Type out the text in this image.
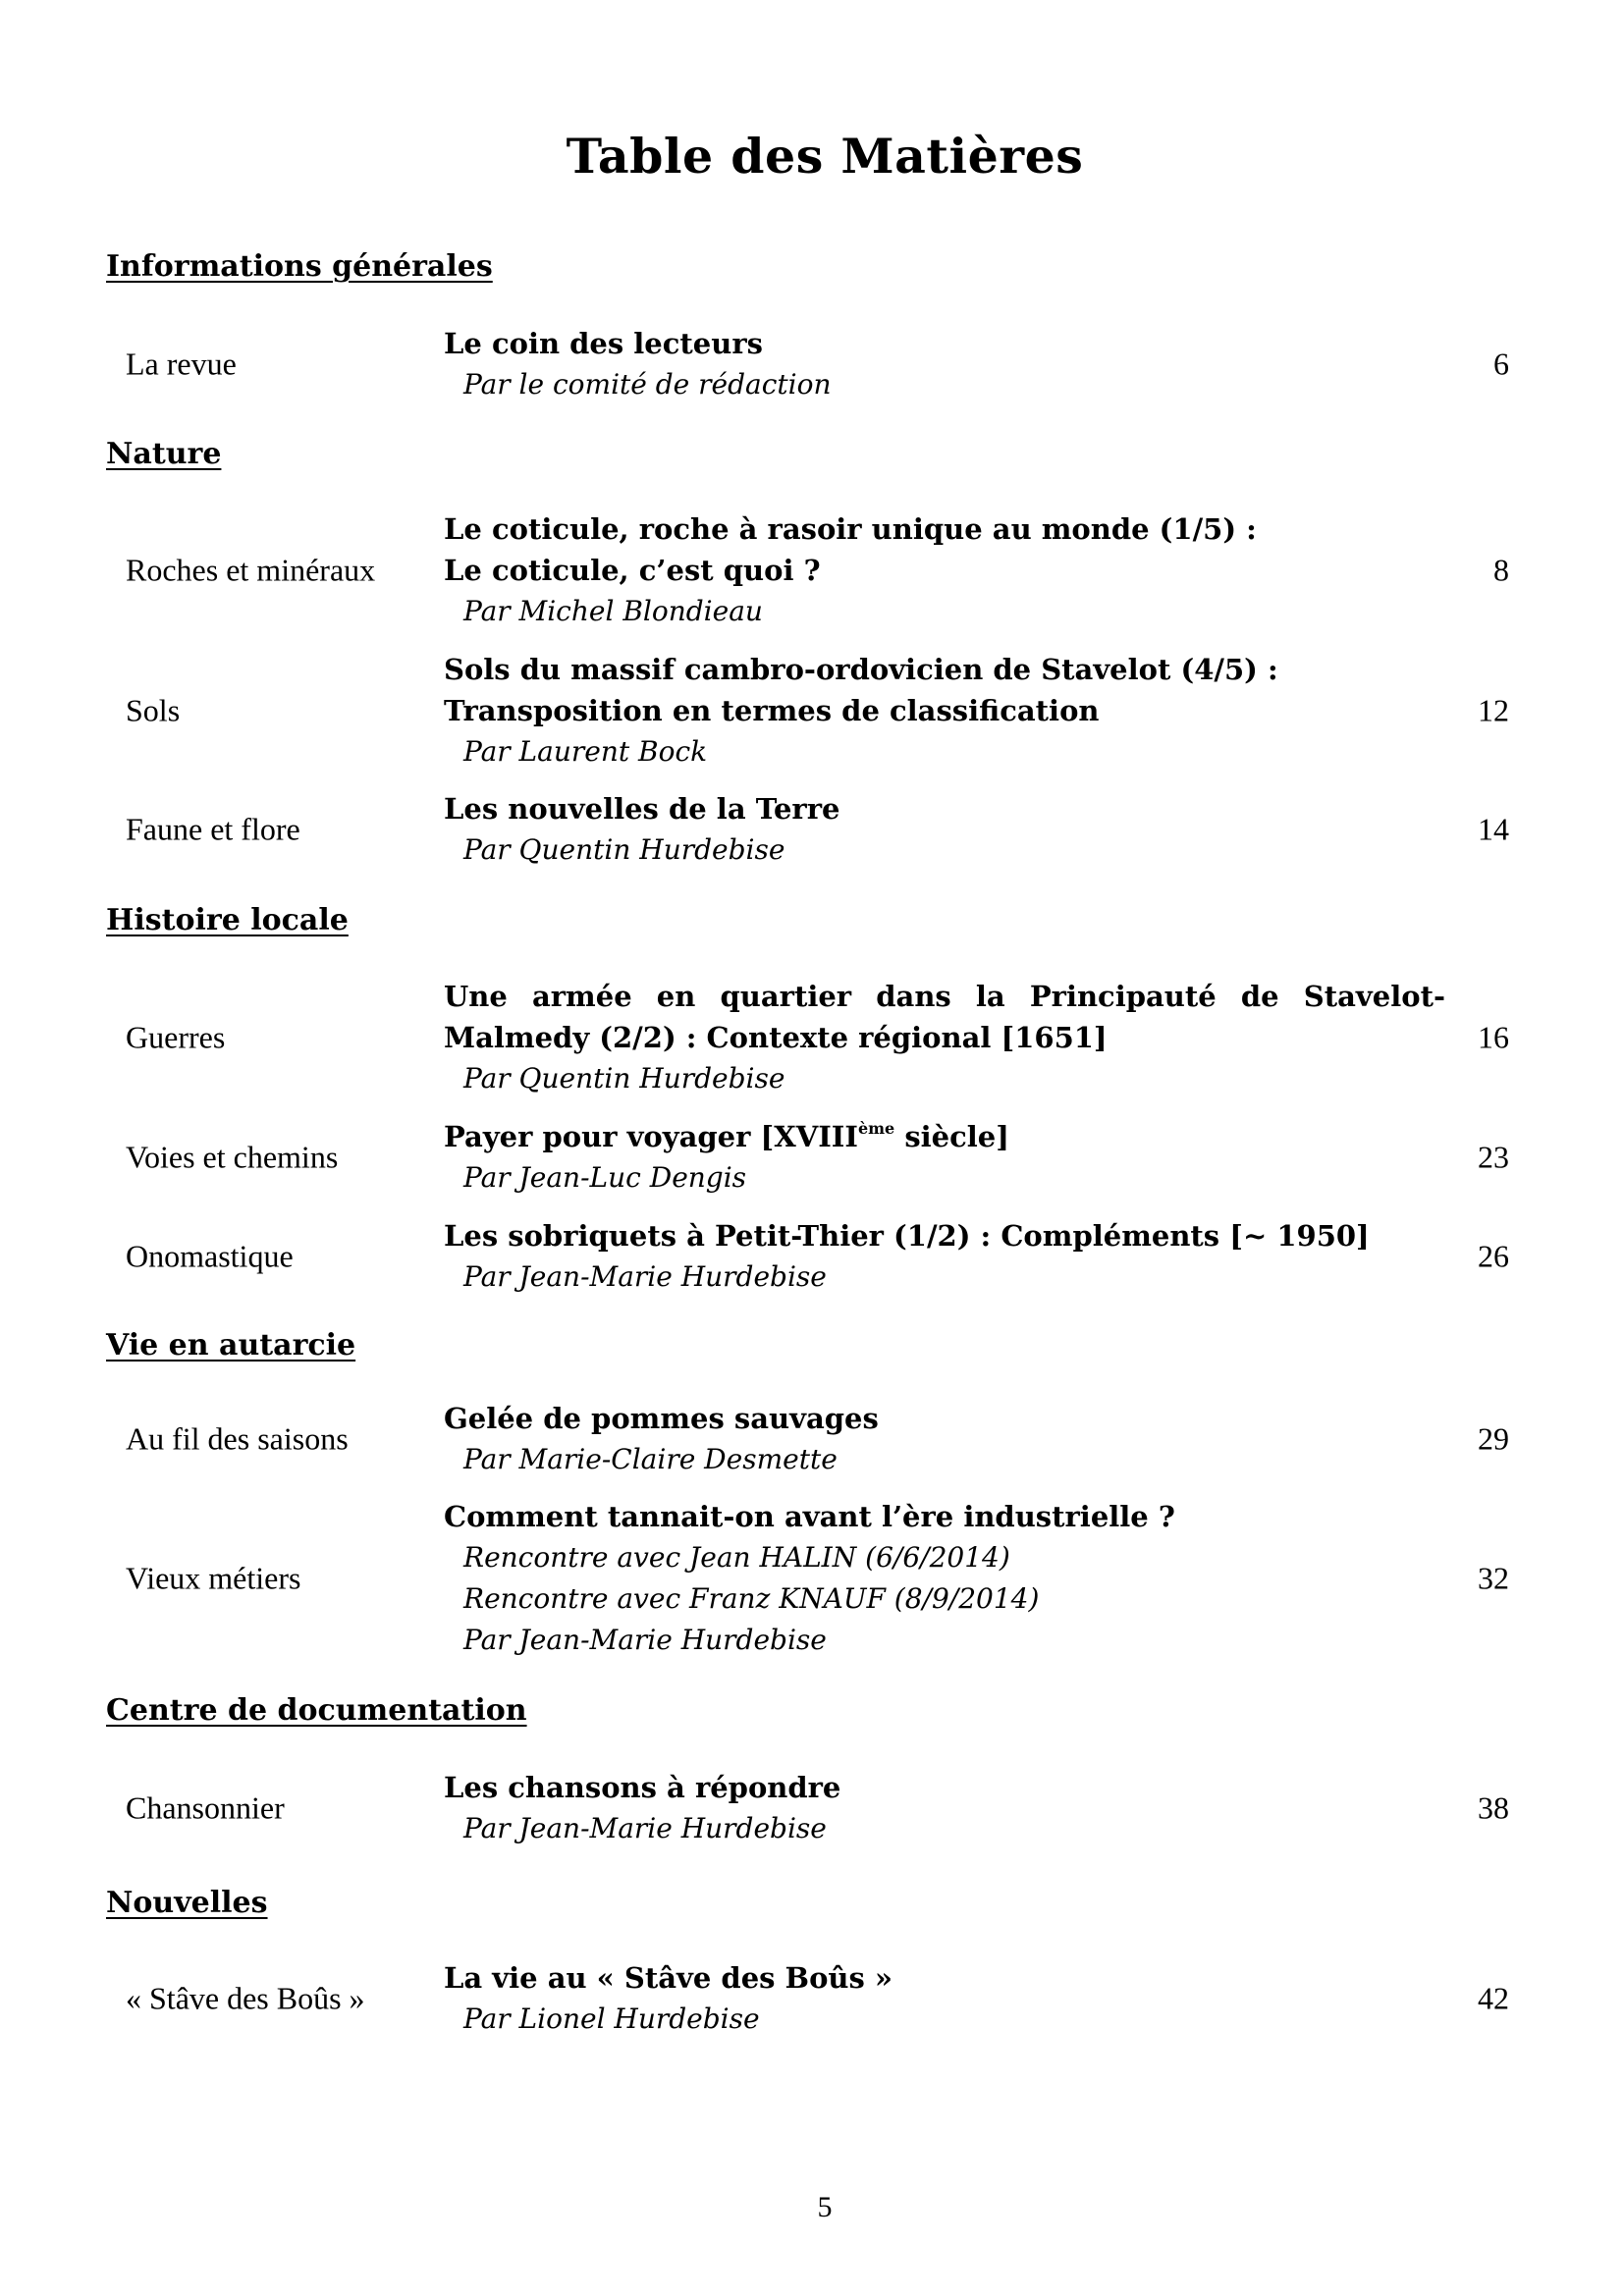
Table des Matières
Informations générales
La revue
Le coin des lecteurs
Par le comité de rédaction
6
Nature
Roches et minéraux
Le coticule, roche à rasoir unique au monde (1/5) :
Le coticule, c’est quoi ?
Par Michel Blondieau
8
Sols
Sols du massif cambro-ordovicien de Stavelot (4/5) :
Transposition en termes de classification
Par Laurent Bock
12
Faune et flore
Les nouvelles de la Terre
Par Quentin Hurdebise
14
Histoire locale
Guerres
Une armée en quartier dans la Principauté de Stavelot-
Malmedy (2/2) : Contexte régional [1651]
Par Quentin Hurdebise
16
Voies et chemins
Payer pour voyager [XVIIIème siècle]
Par Jean-Luc Dengis
23
Onomastique
Les sobriquets à Petit-Thier (1/2) : Compléments [~ 1950]
Par Jean-Marie Hurdebise
26
Vie en autarcie
Au fil des saisons
Gelée de pommes sauvages
Par Marie-Claire Desmette
29
Vieux métiers
Comment tannait-on avant l’ère industrielle ?
Rencontre avec Jean HALIN (6/6/2014)
Rencontre avec Franz KNAUF (8/9/2014)
Par Jean-Marie Hurdebise
32
Centre de documentation
Chansonnier
Les chansons à répondre
Par Jean-Marie Hurdebise
38
Nouvelles
« Stâve des Boûs »
La vie au « Stâve des Boûs »
Par Lionel Hurdebise
42
5
